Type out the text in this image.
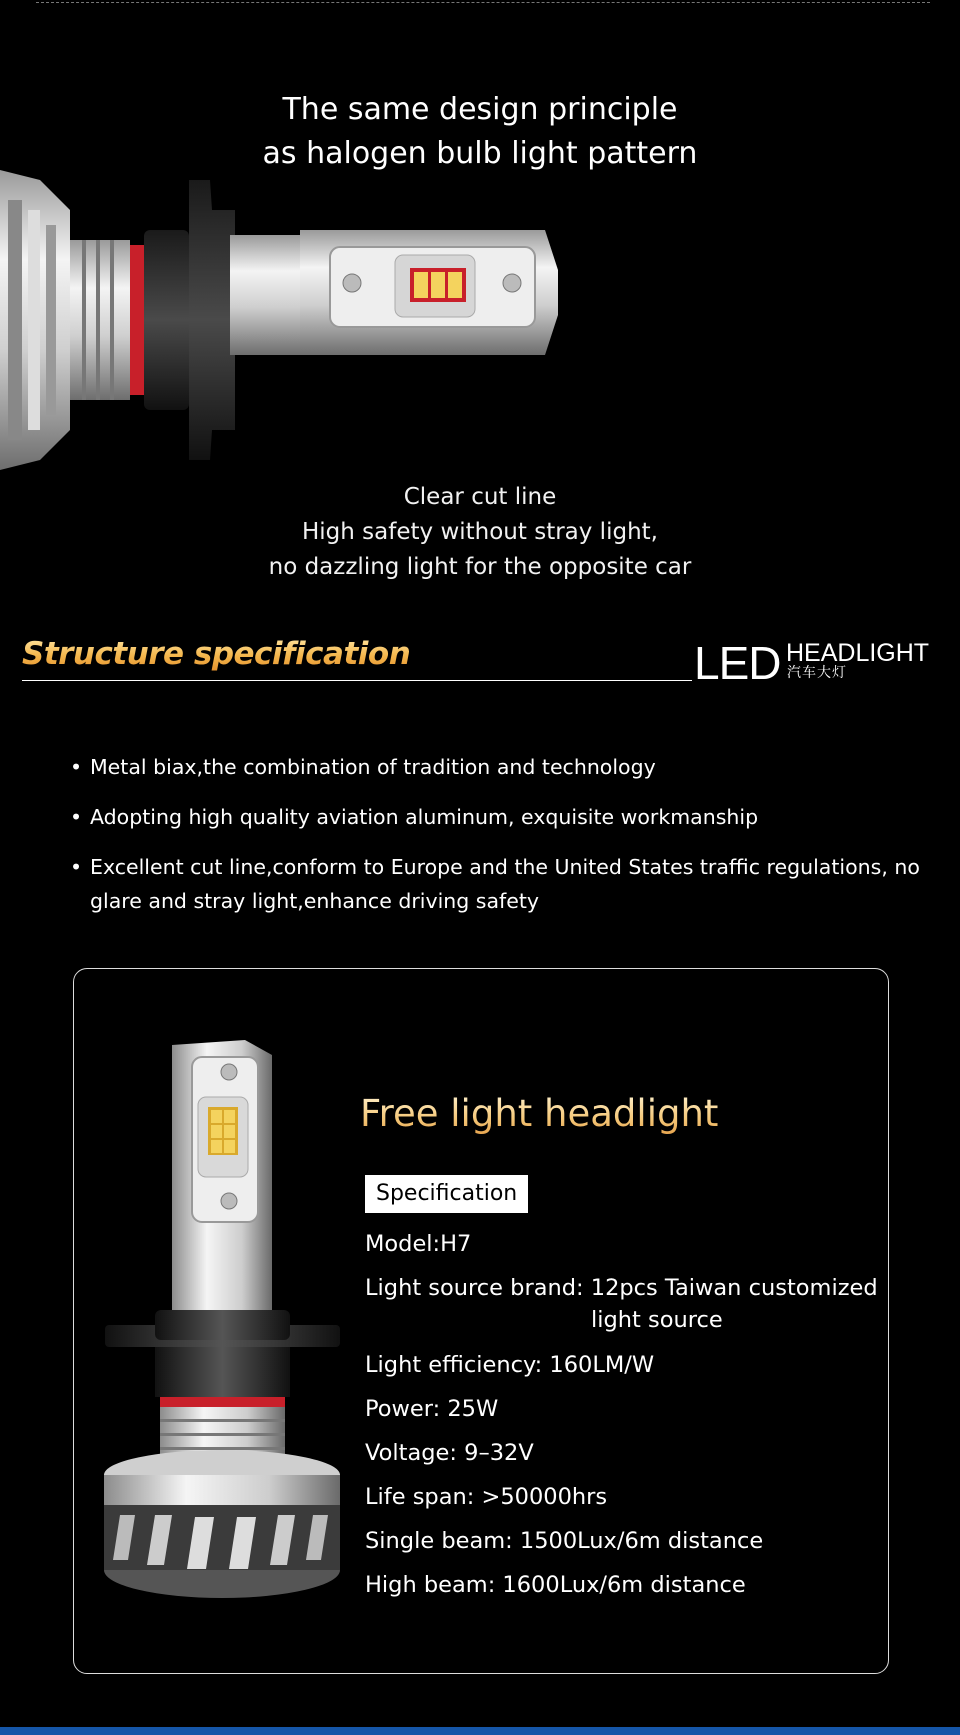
The same design principle
as halogen bulb light pattern
Clear cut line
High safety without stray light,
no dazzling light for the opposite car
Structure specification	LED HEADLIGHT
汽车大灯
• Metal biax,the combination of tradition and technology
• Adopting high quality aviation aluminum, exquisite workmanship
• Excellent cut line,conform to Europe and the United States traffic regulations, no glare and stray light,enhance driving safety
Free light headlight
Specification
Model:H7
Light source brand: 12pcs Taiwan customized
light source
Light efficiency: 160LM/W
Power: 25W
Voltage: 9–32V
Life span: >50000hrs
Single beam: 1500Lux/6m distance
High beam: 1600Lux/6m distance
